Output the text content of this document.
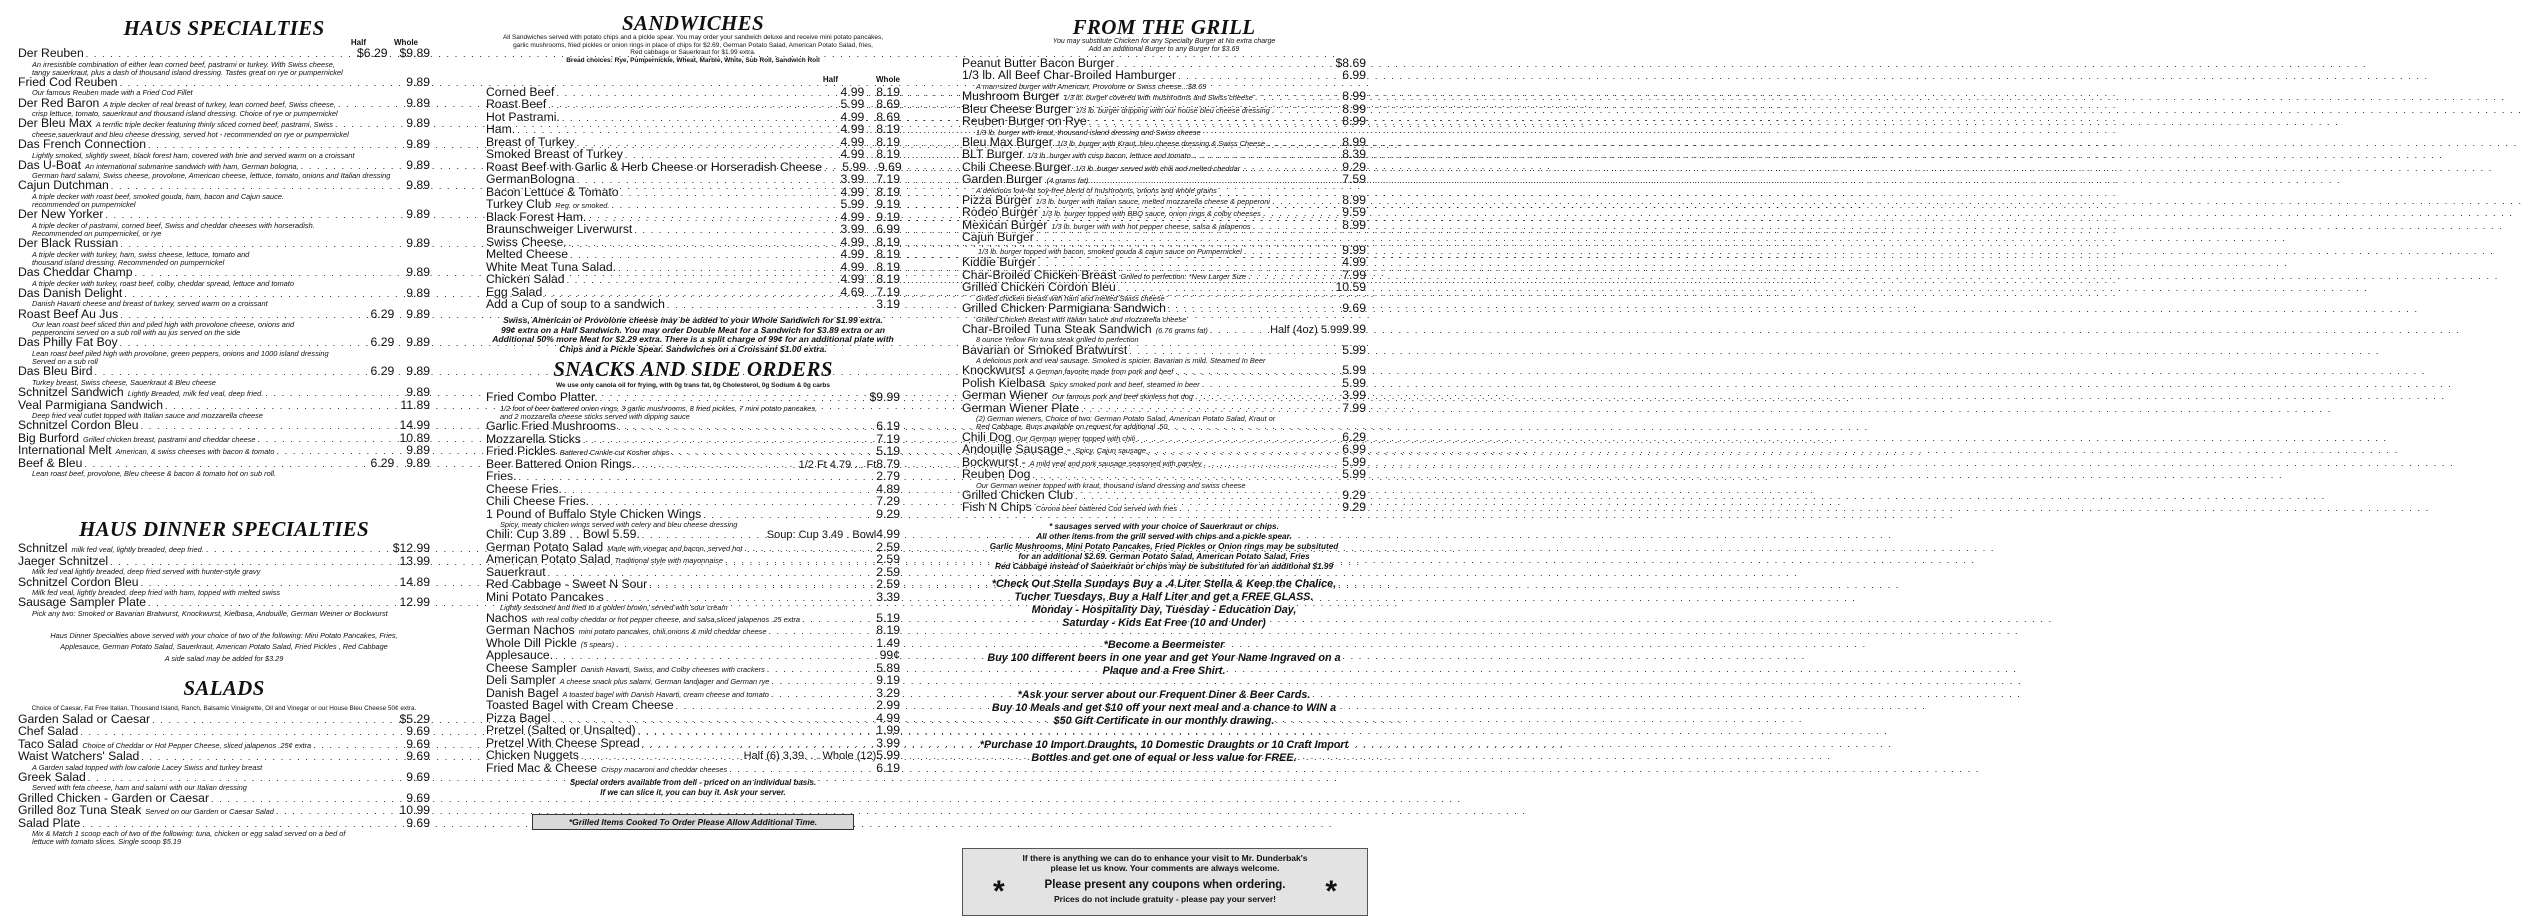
HAUS SPECIALTIES
Half	Whole
Der Reuben . . .	$6.29 $9.89
An irresistible combination of either lean corned beef, pastrami or turkey. With Swiss cheese,
tangy sauerkraut, plus a dash of thousand island dressing. Tastes great on rye or pumpernickel
Fried Cod Reuben . . .	9.89
Our famous Reuben made with a Fried Cod Fillet
Der Red Baron A triple decker of real breast of turkey, lean corned beef, Swiss cheese, . . .	9.89
crisp lettuce, tomato, sauerkraut and thousand island dressing. Choice of rye or pumpernickel
Der Bleu Max A terrific triple decker featuring thinly sliced corned beef, pastrami, Swiss . . .	9.89
cheese,sauerkraut and bleu cheese dressing, served hot - recommended on rye or pumpernickel
Das French Connection . . .	9.89
Lightly smoked, slightly sweet, black forest ham, covered with brie and served warm on a croissant
Das U-Boat An international submarine sandwich with ham, German bologna, . . .	9.89
German hard salami, Swiss cheese, provolone, American cheese, lettuce, tomato, onions and Italian dressing
Cajun Dutchman . . .	9.89
A triple decker with roast beef, smoked gouda, ham, bacon and Cajun sauce.
recommended on pumpernickel
Der New Yorker . . .	9.89
A triple decker of pastrami, corned beef, Swiss and cheddar cheeses with horseradish.
Recommended on pumpernickel, or rye
Der Black Russian . . .	9.89
A triple decker with turkey, ham, swiss cheese, lettuce, tomato and
thousand island dressing. Recommended on pumpernickel
Das Cheddar Champ . . .	9.89
A triple decker with turkey, roast beef, colby, cheddar spread, lettuce and tomato
Das Danish Delight . . .	9.89
Danish Havarti cheese and breast of turkey, served warm on a croissant
Roast Beef Au Jus . . .	6.29 9.89
Our lean roast beef sliced thin and piled high with provolone cheese, onions and
pepperoncini served on a sub roll with au jus served on the side
Das Philly Fat Boy . . .	6.29 9.89
Lean roast beef piled high with provolone, green peppers, onions and 1000 island dressing
Served on a sub roll
Das Bleu Bird . . .	6.29 9.89
Turkey breast, Swiss cheese, Sauerkraut & Bleu cheese
Schnitzel Sandwich Lightly Breaded, milk fed veal, deep fried. . . .	9.89
Veal Parmigiana Sandwich . . .	11.89
Deep fried veal cutlet topped with Italian sauce and mozzarella cheese
Schnitzel Cordon Bleu . . .	14.99
Big Burford Grilled chicken breast, pastrami and cheddar cheese . . .	10.89
International Melt American, & swiss cheeses with bacon & tomato . . .	9.89
Beef & Bleu . . .	6.29 9.89
Lean roast beef, provolone, Bleu cheese & bacon & tomato hot on sub roll.
HAUS DINNER SPECIALTIES
Schnitzel milk fed veal, lightly breaded, deep fried. . . .	$12.99
Jaeger Schnitzel . . .	13.99
Milk fed veal lightly breaded, deep fried served with hunter-style gravy
Schnitzel Cordon Bleu . . .	14.89
Milk fed veal, lightly breaded, deep fried with ham, topped with melted swiss
Sausage Sampler Plate . . .	12.99
Pick any two: Smoked or Bavarian Bratwurst, Knockwurst, Kielbasa, Andouille, German Weiner or Bockwurst

Haus Dinner Specialties above served with your choice of two of the following: Mini Potato Pancakes, Fries,

Applesauce, German Potato Salad, Sauerkraut, American Potato Salad, Fried Pickles , Red Cabbage

A side salad may be added for $3.29

SALADS

Choice of Caesar, Fat Free Italian, Thousand Island, Ranch, Balsamic Vinaigrette, Oil and Vinegar or our House Bleu Cheese 50¢ extra.

Garden Salad or Caesar . . .	$5.29
Chef Salad . . .	9.69
Taco Salad Choice of Cheddar or Hot Pepper Cheese, sliced jalapenos .25¢ extra . . .	9.69
Waist Watchers' Salad . . .	9.69
A Garden salad topped with low calorie Lacey Swiss and turkey breast
Greek Salad . . .	9.69
Served with feta cheese, ham and salami with our Italian dressing
Grilled Chicken - Garden or Caesar . . .	9.69
Grilled 8oz Tuna Steak Served on our Garden or Caesar Salad . . .	10.99
Salad Plate . . .	9.69
Mix & Match 1 scoop each of two of the following: tuna, chicken or egg salad served on a bed of
lettuce with tomato slices. Single scoop $5.19
SANDWICHES

All Sandwiches served with potato chips and a pickle spear. You may order your sandwich deluxe and receive mini potato pancakes,

garlic mushrooms, fried pickles or onion rings in place of chips for $2.69, German Potato Salad, American Potato Salad, fries,

Red cabbage or Sauerkraut for $1.99 extra.

Bread choices: Rye, Pumpernickle, Wheat, Marble, White, Sub Roll, Sandwich Roll

Half	Whole
Corned Beef . . .	4.99 . . . 8.19
Roast Beef . . .	5.99 . . . 8.69
Hot Pastrami. . . .	4.99 . . . 8.69
Ham. . . .	4.99 . . . 8.19
Breast of Turkey . . .	4.99 . . . 8.19
Smoked Breast of Turkey . . .	4.99 . . . 8.19
Roast Beef with Garlic & Herb Cheese or Horseradish Cheese . . .	5.99 . . . 9.69
GermanBologna . . .	3.99 . . . 7.19
Bacon Lettuce & Tomato . . .	4.99 . . . 8.19
Turkey Club Reg. or smoked. . . .	5.99 . . . 9.19
Black Forest Ham. . . .	4.99 . . . 9.19
Braunschweiger Liverwurst . . .	3.99 . . . 6.99
Swiss Cheese. . . .	4.99 . . . 8.19
Melted Cheese . . .	4.99 . . . 8.19
White Meat Tuna Salad. . . .	4.99 . . . 8.19
Chicken Salad . . .	4.99 . . . 8.19
Egg Salad . . .	4.69 . . . 7.19
Add a Cup of soup to a sandwich . . .	3.19

Swiss, American or Provolone cheese may be added to your Whole Sandwich for $1.99 extra.
99¢ extra on a Half Sandwich. You may order Double Meat for a Sandwich for $3.89 extra or an
Additional 50% more Meat for $2.29 extra. There is a split charge of 99¢ for an additional plate with
Chips and a Pickle Spear. Sandwiches on a Croissant $1.00 extra.

SNACKS AND SIDE ORDERS

We use only canola oil for frying, with 0g trans fat, 0g Cholesterol, 0g Sodium & 0g carbs

Fried Combo Platter. . . .	$9.99
1/2 foot of beer battered onion rings, 3 garlic mushrooms, 8 fried pickles, 7 mini potato pancakes,
and 2 mozzarella cheese sticks served with dipping sauce
Garlic Fried Mushrooms . . .	6.19
Mozzarella Sticks . . .	7.19
Fried Pickles Battered Crinkle cut Kosher chips . . .	5.19
Beer Battered Onion Rings. . . .	1/2 Ft 4.79 . . Ft 8.79
Fries. . . .	2.79
Cheese Fries. . . .	4.89
Chili Cheese Fries. . . .	7.29
1 Pound of Buffalo Style Chicken Wings . . .	9.29
Spicy, meaty chicken wings served with celery and bleu cheese dressing
Chili: Cup 3.89 . . Bowl 5.59. . . .	Soup: Cup 3.49 . Bowl 4.99
German Potato Salad Made with vinegar and bacon, served hot . . .	2.59
American Potato Salad Traditional style with mayonnaise . . .	2.59
Sauerkraut . . .	2.59
Red Cabbage - Sweet N Sour . . .	2.59
Mini Potato Pancakes . . .	3.39
Lightly seasoned and fried to a golden brown, served with sour cream
Nachos with real colby cheddar or hot pepper cheese, and salsa,sliced jalapenos .25 extra . . .	5.19
German Nachos mini potato pancakes, chili,onions & mild cheddar cheese . . .	8.19
Whole Dill Pickle (5 spears) . . .	1.49
Applesauce. . . .	99¢
Cheese Sampler Danish Havarti, Swiss, and Colby cheeses with crackers . . .	5.89
Deli Sampler A cheese snack plus salami, German landjager and German rye . . .	9.19
Danish Bagel A toasted bagel with Danish Havarti, cream cheese and tomato . . .	3.29
Toasted Bagel with Cream Cheese . . .	2.99
Pizza Bagel . . .	4.99
Pretzel (Salted or Unsalted) . . .	1.99
Pretzel With Cheese Spread . . .	3.99
Chicken Nuggets . . .	Half (6) 3.39. . . Whole (12) 5.99
Fried Mac & Cheese Crispy macaroni and cheddar cheeses . . .	6.19

Special orders available from deli - priced on an individual basis.

If we can slice it, you can buy it. Ask your server.

*Grilled Items Cooked To Order Please Allow Additional Time.
FROM THE GRILL

You may substitute Chicken for any Specialty Burger at No extra charge

Add an additional Burger to any Burger for $3.69

Peanut Butter Bacon Burger . . .	$8.69
1/3 lb. All Beef Char-Broiled Hamburger . . .	6.99
A man-sized burger with American, Provolone or Swiss cheese...$8.69
Mushroom Burger 1/3 lb. burger covered with mushrooms and Swiss cheese . . .	8.99
Bleu Cheese Burger 1/3 lb. burger dripping with our house bleu cheese dressing . . .	8.99
Reuben Burger on Rye . . .	8.99
1/3 lb. burger with kraut, thousand island dressing and Swiss cheese
Bleu Max Burger 1/3 lb. burger with Kraut, bleu cheese dressing & Swiss Cheese . . .	8.99
BLT Burger 1/3 lb. burger with crisp bacon, lettuce and tomato . . .	8.39
Chili Cheese Burger 1/3 lb. burger served with chili and melted cheddar . . .	9.29
Garden Burger (4 grams fat) . . .	7.59
A delicious low-fat soy-free blend of mushrooms, onions and whole grains
Pizza Burger 1/3 lb. burger with Italian sauce, melted mozzarella cheese & pepperoni . . .	8.99
Rodeo Burger 1/3 lb. burger topped with BBQ sauce, onion rings & colby cheeses . . .	9.59
Mexican Burger 1/3 lb. burger with with hot pepper cheese, salsa & jalapenos . . .	8.99
Cajun Burger
. . .
1/3 lb. burger topped with bacon, smoked gouda & cajun sauce on Pumpernickel . . .	9.99
Kiddie Burger . . .	4.99
Char-Broiled Chicken Breast Grilled to perfection. *New Larger Size . . .	7.99
Grilled Chicken Cordon Bleu . . .	10.59
Grilled chicken breast with ham and melted Swiss cheese
Grilled Chicken Parmigiana Sandwich . . .	9.69
Grilled Chicken Breast with Italian sauce and mozzarella cheese
Char-Broiled Tuna Steak Sandwich (6.76 grams fat) . . .	Half (4oz) 5.99 9.99
8 ounce Yellow Fin tuna steak grilled to perfection
Bavarian or Smoked Bratwurst . . .	5.99
A delicious pork and veal sausage. Smoked is spicier. Bavarian is mild. Steamed In Beer
Knockwurst A German favorite made from pork and beef . . .	5.99
Polish Kielbasa Spicy smoked pork and beef, steamed in beer . . .	5.99
German Wiener Our famous pork and beef skinless hot dog . . .	3.99
German Wiener Plate . . .	7.99
(2) German wieners, Choice of two: German Potato Salad, American Potato Salad, Kraut or
Red Cabbage. Buns available on request for additional .50
Chili Dog Our German wiener topped with chili . . .	6.29
Andouille Sausage - Spicy, Cajun sausage . . .	6.99
Bockwurst - A mild veal and pork sausage seasoned with parsley . . .	5.99
Reuben Dog . . .	5.99
Our German weiner topped with kraut, thousand island dressing and swiss cheese
Grilled Chicken Club . . .	9.29
Fish N Chips Corona beer battered Cod served with fries . . .	9.29

* sausages served with your choice of Sauerkraut or chips.
All other items from the grill served with chips and a pickle spear.
Garlic Mushrooms, Mini Potato Pancakes, Fried Pickles or Onion rings may be subsituted
for an additional $2.69. German Potato Salad, American Potato Salad, Fries
Red Cabbage instead of Sauerkraut or chips may be substituted for an additional $1.99

*Check Out Stella Sundays Buy a .4 Liter Stella & Keep the Chalice,
Tucher Tuesdays, Buy a Half Liter and get a FREE GLASS.
Monday - Hospitality Day, Tuesday - Education Day,
Saturday - Kids Eat Free (10 and Under)

*Become a Beermeister
Buy 100 different beers in one year and get Your Name Ingraved on a
Plaque and a Free Shirt.

*Ask your server about our Frequent Diner & Beer Cards.
Buy 10 Meals and get $10 off your next meal and a chance to WIN a
$50 Gift Certificate in our monthly drawing.

*Purchase 10 Import Draughts, 10 Domestic Draughts or 10 Craft Import
Bottles and get one of equal or less value for FREE.

If there is anything we can do to enhance your visit to Mr. Dunderbak's

please let us know. Your comments are always welcome.

Please present any coupons when ordering.

Prices do not include gratuity - please pay your server!

*	*
